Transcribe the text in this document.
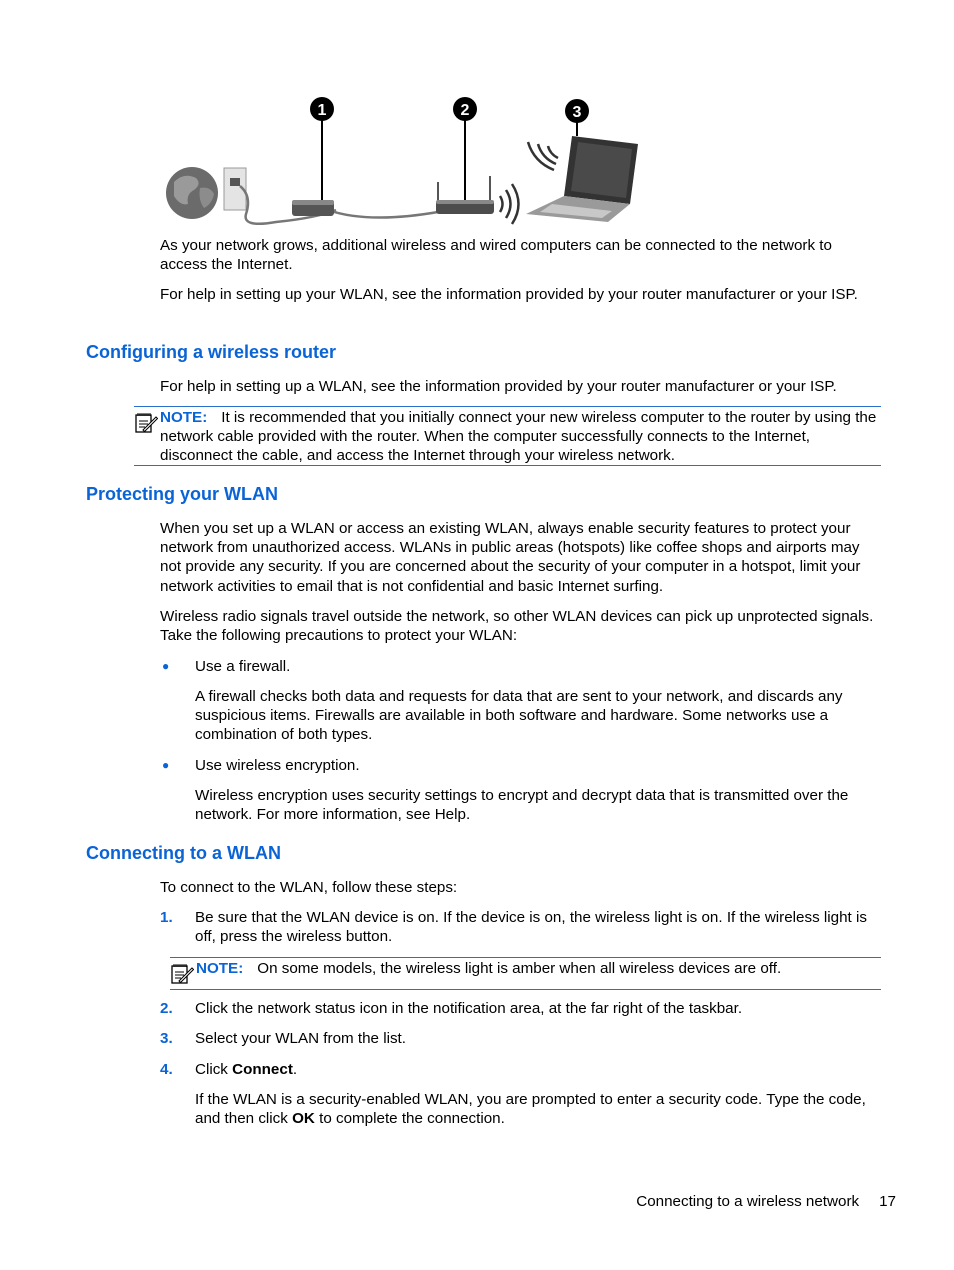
1	2	3

As your network grows, additional wireless and wired computers can be connected to the network to access the Internet.

For help in setting up your WLAN, see the information provided by your router manufacturer or your ISP.

Configuring a wireless router

For help in setting up a WLAN, see the information provided by your router manufacturer or your ISP.

NOTE: It is recommended that you initially connect your new wireless computer to the router by using the network cable provided with the router. When the computer successfully connects to the Internet, disconnect the cable, and access the Internet through your wireless network.
Protecting your WLAN

When you set up a WLAN or access an existing WLAN, always enable security features to protect your network from unauthorized access. WLANs in public areas (hotspots) like coffee shops and airports may not provide any security. If you are concerned about the security of your computer in a hotspot, limit your network activities to email that is not confidential and basic Internet surfing.

Wireless radio signals travel outside the network, so other WLAN devices can pick up unprotected signals. Take the following precautions to protect your WLAN:

● Use a firewall.

A firewall checks both data and requests for data that are sent to your network, and discards any suspicious items. Firewalls are available in both software and hardware. Some networks use a combination of both types.

● Use wireless encryption.

Wireless encryption uses security settings to encrypt and decrypt data that is transmitted over the network. For more information, see Help.

Connecting to a WLAN

To connect to the WLAN, follow these steps:

1. Be sure that the WLAN device is on. If the device is on, the wireless light is on. If the wireless light is off, press the wireless button.

NOTE: On some models, the wireless light is amber when all wireless devices are off.
2. Click the network status icon in the notification area, at the far right of the taskbar.

3. Select your WLAN from the list.

4. Click Connect.

If the WLAN is a security-enabled WLAN, you are prompted to enter a security code. Type the code, and then click OK to complete the connection.

Connecting to a wireless network 17
